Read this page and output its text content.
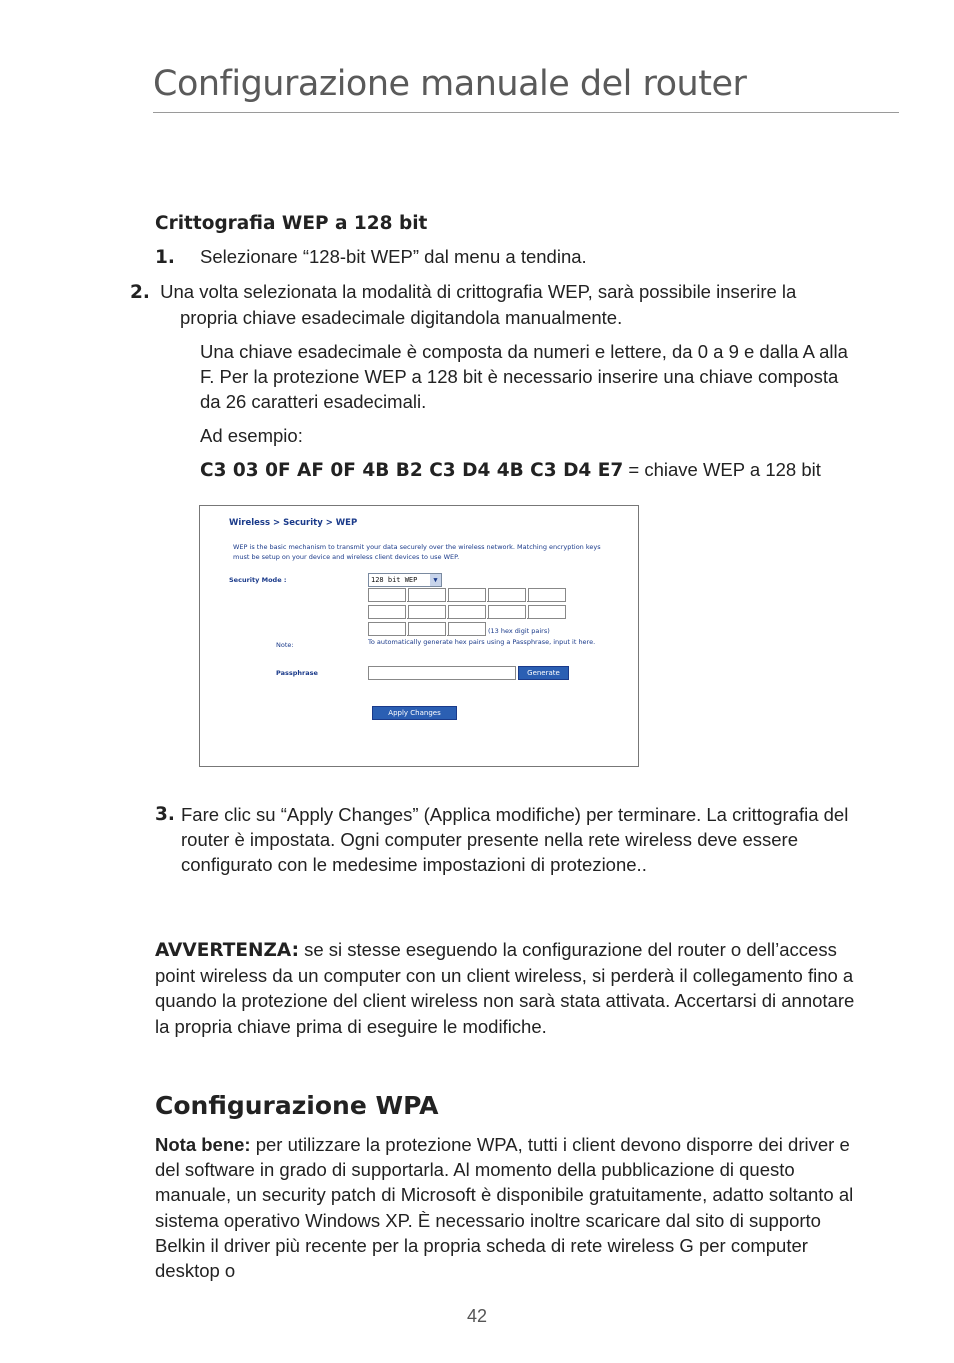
Configurazione manuale del router
Crittografia WEP a 128 bit
1. Selezionare “128-bit WEP” dal menu a tendina.
2. Una volta selezionata la modalità di crittografia WEP, sarà possibile inserire la propria chiave esadecimale digitandola manualmente.

Una chiave esadecimale è composta da numeri e lettere, da 0 a 9 e dalla A alla F. Per la protezione WEP a 128 bit è necessario inserire una chiave composta da 26 caratteri esadecimali.

Ad esempio:

C3 03 0F AF 0F 4B B2 C3 D4 4B C3 D4 E7 = chiave WEP a 128 bit

Wireless > Security > WEP
WEP is the basic mechanism to transmit your data securely over the wireless network. Matching encryption keys must be setup on your device and wireless client devices to use WEP.
Security Mode :	128 bit WEP	▼
.
.
.
.
.
.
.
.
.
.
(13 hex digit pairs)
Note:	To automatically generate hex pairs using a Passphrase, input it here.
Passphrase	Generate
Apply Changes
3. Fare clic su “Apply Changes” (Applica modifiche) per terminare. La crittografia del router è impostata. Ogni computer presente nella rete wireless deve essere configurato con le medesime impostazioni di protezione..

AVVERTENZA: se si stesse eseguendo la configurazione del router o dell’access point wireless da un computer con un client wireless, si perderà il collegamento fino a quando la protezione del client wireless non sarà stata attivata. Accertarsi di annotare la propria chiave prima di eseguire le modifiche.

Configurazione WPA

Nota bene: per utilizzare la protezione WPA, tutti i client devono disporre dei driver e del software in grado di supportarla. Al momento della pubblicazione di questo manuale, un security patch di Microsoft è disponibile gratuitamente, adatto soltanto al sistema operativo Windows XP. È necessario inoltre scaricare dal sito di supporto Belkin il driver più recente per la propria scheda di rete wireless G per computer desktop o

42
